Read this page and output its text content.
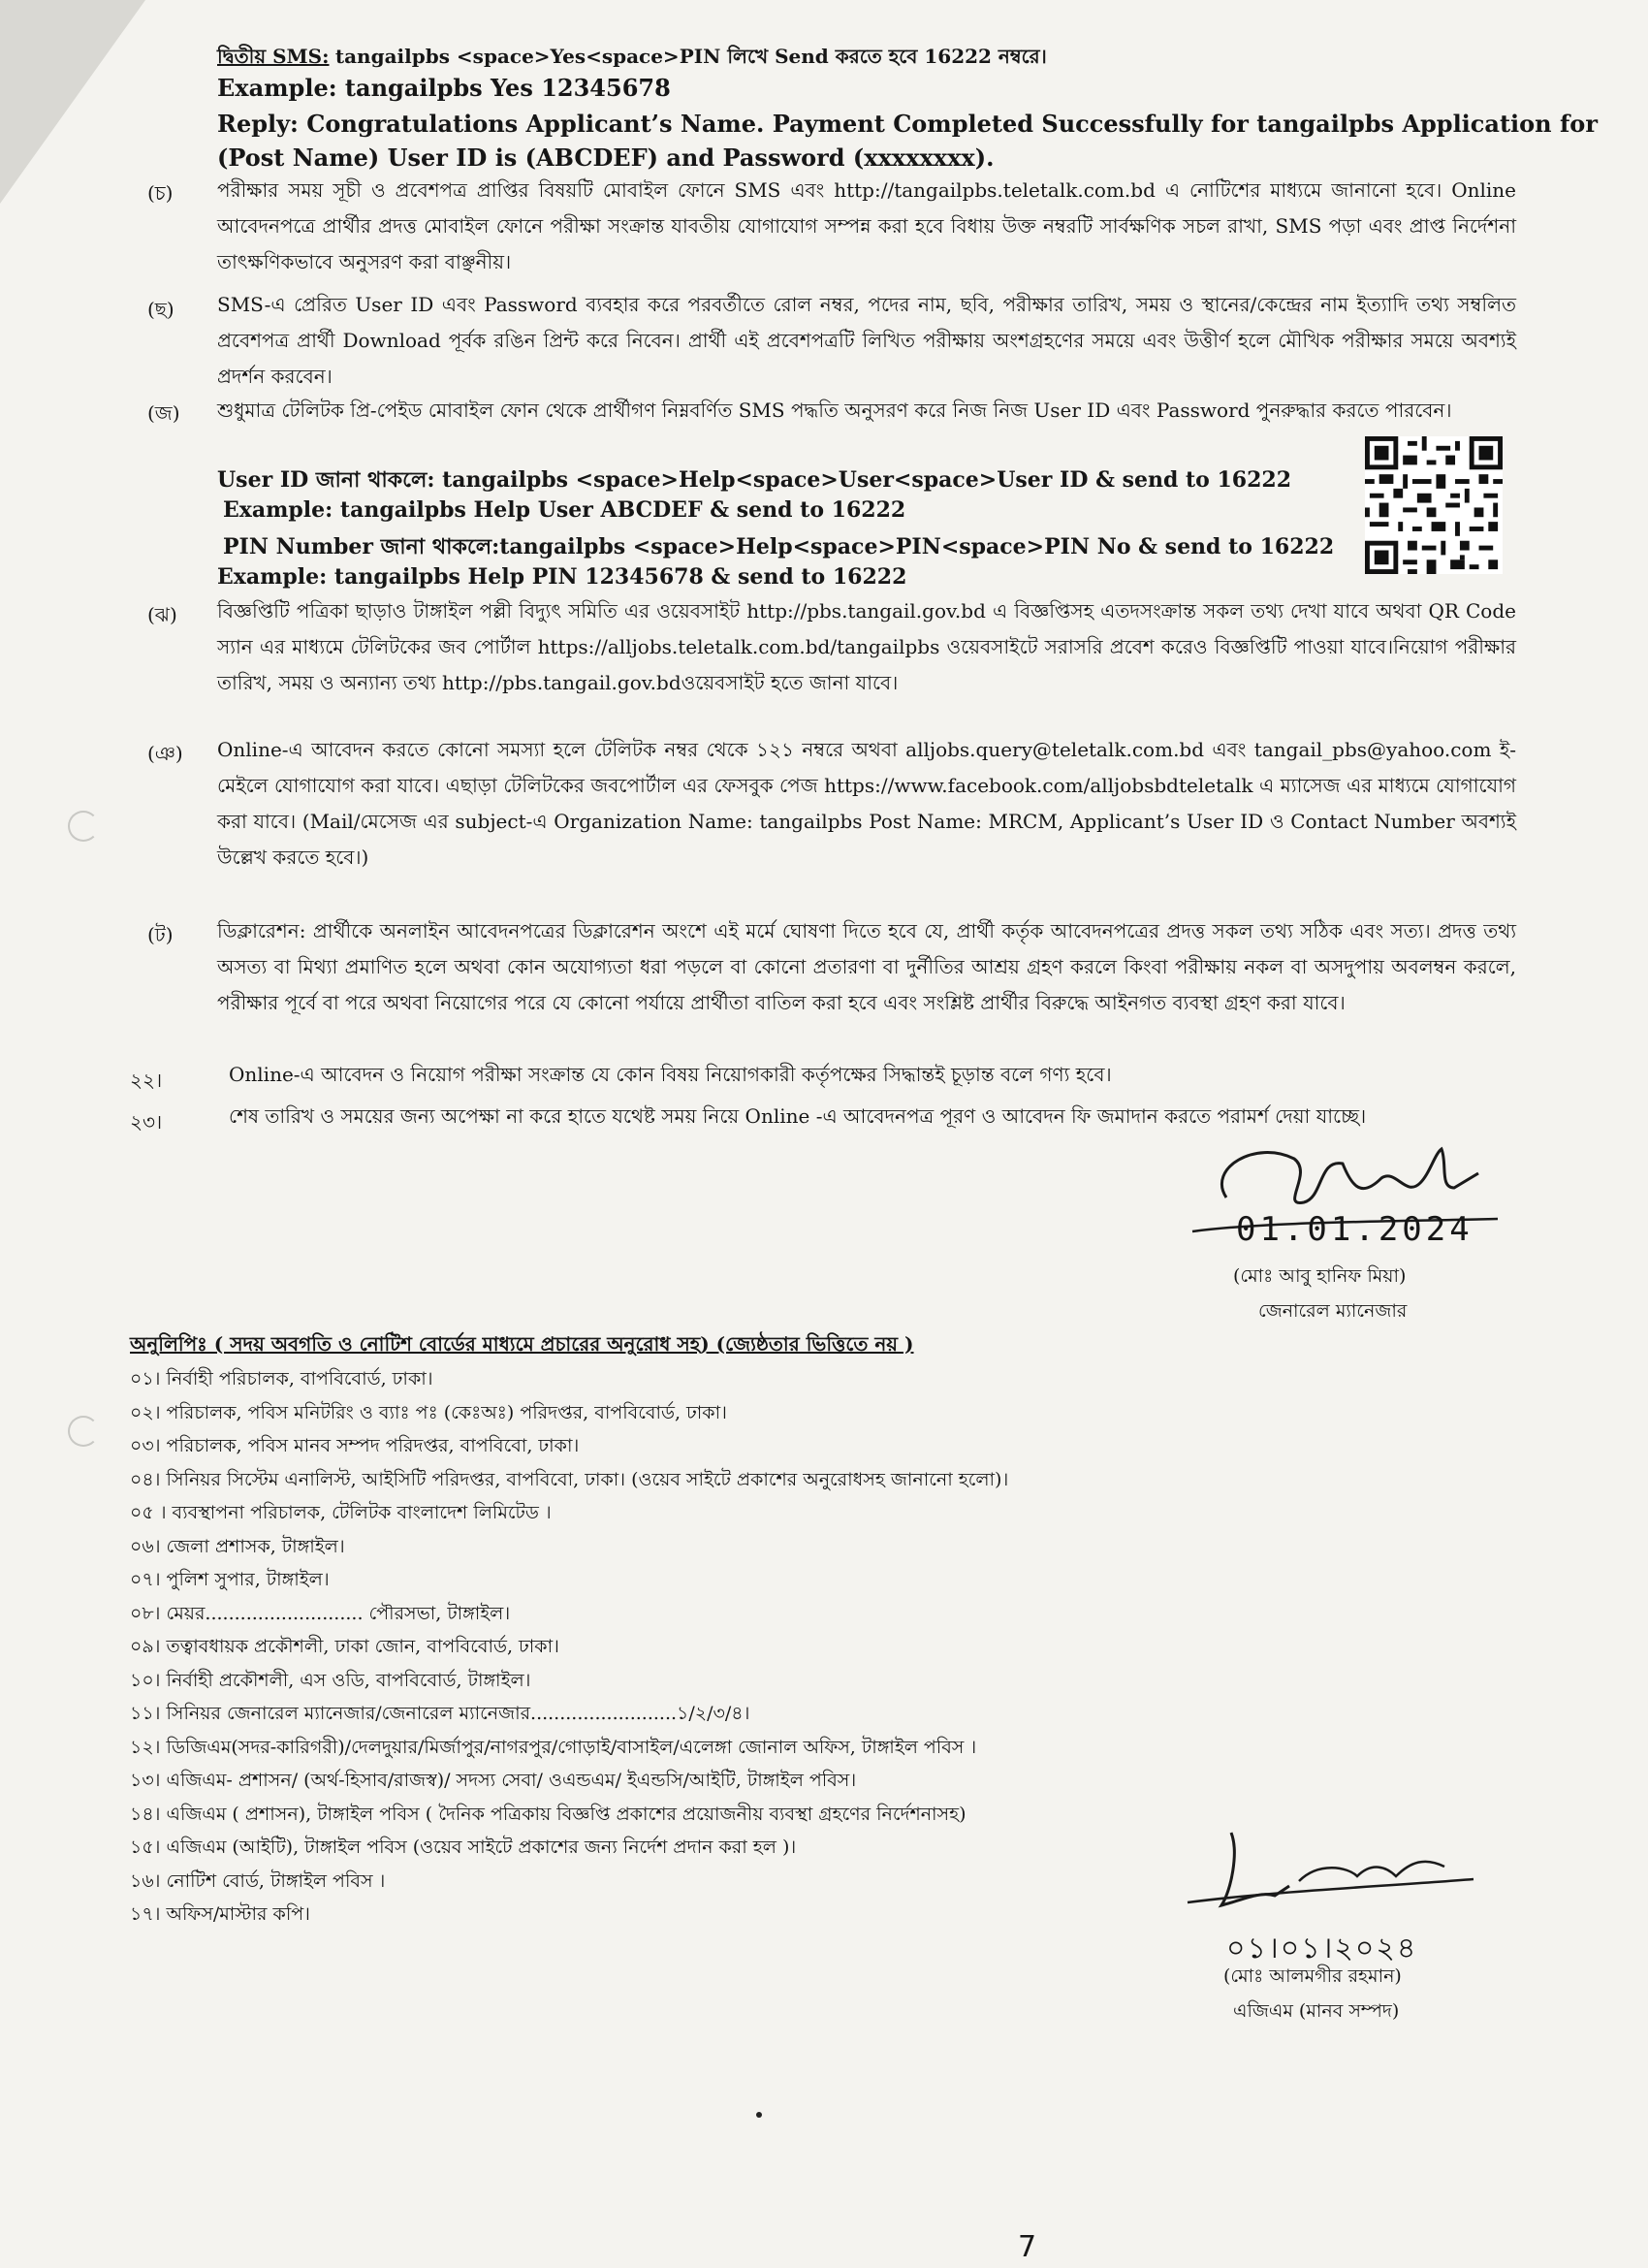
দ্বিতীয় SMS: tangailpbs <space>Yes<space>PIN লিখে Send করতে হবে 16222 নম্বরে।
Example: tangailpbs Yes 12345678
Reply: Congratulations Applicant’s Name. Payment Completed Successfully for tangailpbs Application for
(Post Name) User ID is (ABCDEF) and Password (xxxxxxxx).
(চ) পরীক্ষার সময় সূচী ও প্রবেশপত্র প্রাপ্তির বিষয়টি মোবাইল ফোনে SMS এবং http://tangailpbs.teletalk.com.bd এ নোটিশের মাধ্যমে জানানো হবে। Online আবেদনপত্রে প্রার্থীর প্রদত্ত মোবাইল ফোনে পরীক্ষা সংক্রান্ত যাবতীয় যোগাযোগ সম্পন্ন করা হবে বিধায় উক্ত নম্বরটি সার্বক্ষণিক সচল রাখা, SMS পড়া এবং প্রাপ্ত নির্দেশনা তাৎক্ষণিকভাবে অনুসরণ করা বাঞ্ছনীয়।
(ছ) SMS-এ প্রেরিত User ID এবং Password ব্যবহার করে পরবর্তীতে রোল নম্বর, পদের নাম, ছবি, পরীক্ষার তারিখ, সময় ও স্থানের/কেন্দ্রের নাম ইত্যাদি তথ্য সম্বলিত প্রবেশপত্র প্রার্থী Download পূর্বক রঙিন প্রিন্ট করে নিবেন। প্রার্থী এই প্রবেশপত্রটি লিখিত পরীক্ষায় অংশগ্রহণের সময়ে এবং উত্তীর্ণ হলে মৌখিক পরীক্ষার সময়ে অবশ্যই প্রদর্শন করবেন।
(জ) শুধুমাত্র টেলিটক প্রি-পেইড মোবাইল ফোন থেকে প্রার্থীগণ নিম্নবর্ণিত SMS পদ্ধতি অনুসরণ করে নিজ নিজ User ID এবং Password পুনরুদ্ধার করতে পারবেন।
User ID জানা থাকলে: tangailpbs <space>Help<space>User<space>User ID & send to 16222
Example: tangailpbs Help User ABCDEF & send to 16222
PIN Number জানা থাকলে:tangailpbs <space>Help<space>PIN<space>PIN No & send to 16222
Example: tangailpbs Help PIN 12345678 & send to 16222
(ঝ) বিজ্ঞপ্তিটি পত্রিকা ছাড়াও টাঙ্গাইল পল্লী বিদ্যুৎ সমিতি এর ওয়েবসাইট http://pbs.tangail.gov.bd এ বিজ্ঞপ্তিসহ এতদসংক্রান্ত সকল তথ্য দেখা যাবে অথবা QR Code স্যান এর মাধ্যমে টেলিটকের জব পোর্টাল https://alljobs.teletalk.com.bd/tangailpbs ওয়েবসাইটে সরাসরি প্রবেশ করেও বিজ্ঞপ্তিটি পাওয়া যাবে।নিয়োগ পরীক্ষার তারিখ, সময় ও অন্যান্য তথ্য http://pbs.tangail.gov.bdওয়েবসাইট হতে জানা যাবে।
(ঞ) Online-এ আবেদন করতে কোনো সমস্যা হলে টেলিটক নম্বর থেকে ১২১ নম্বরে অথবা alljobs.query@teletalk.com.bd এবং tangail_pbs@yahoo.com ই-মেইলে যোগাযোগ করা যাবে। এছাড়া টেলিটকের জবপোর্টাল এর ফেসবুক পেজ https://www.facebook.com/alljobsbdteletalk এ ম্যাসেজ এর মাধ্যমে যোগাযোগ করা যাবে। (Mail/মেসেজ এর subject-এ Organization Name: tangailpbs Post Name: MRCM, Applicant’s User ID ও Contact Number অবশ্যই উল্লেখ করতে হবে।)
(ট) ডিক্লারেশন: প্রার্থীকে অনলাইন আবেদনপত্রের ডিক্লারেশন অংশে এই মর্মে ঘোষণা দিতে হবে যে, প্রার্থী কর্তৃক আবেদনপত্রের প্রদত্ত সকল তথ্য সঠিক এবং সত্য। প্রদত্ত তথ্য অসত্য বা মিথ্যা প্রমাণিত হলে অথবা কোন অযোগ্যতা ধরা পড়লে বা কোনো প্রতারণা বা দুর্নীতির আশ্রয় গ্রহণ করলে কিংবা পরীক্ষায় নকল বা অসদুপায় অবলম্বন করলে, পরীক্ষার পূর্বে বা পরে অথবা নিয়োগের পরে যে কোনো পর্যায়ে প্রার্থীতা বাতিল করা হবে এবং সংশ্লিষ্ট প্রার্থীর বিরুদ্ধে আইনগত ব্যবস্থা গ্রহণ করা যাবে।
২২।	Online-এ আবেদন ও নিয়োগ পরীক্ষা সংক্রান্ত যে কোন বিষয় নিয়োগকারী কর্তৃপক্ষের সিদ্ধান্তই চূড়ান্ত বলে গণ্য হবে।
২৩।	শেষ তারিখ ও সময়ের জন্য অপেক্ষা না করে হাতে যথেষ্ট সময় নিয়ে Online -এ আবেদনপত্র পূরণ ও আবেদন ফি জমাদান করতে পরামর্শ দেয়া যাচ্ছে।
01.01.2024
(মোঃ আবু হানিফ মিয়া)
জেনারেল ম্যানেজার
অনুলিপিঃ ( সদয় অবগতি ও নোটিশ বোর্ডের মাধ্যমে প্রচারের অনুরোধ সহ) (জ্যেষ্ঠতার ভিত্তিতে নয় )
০১। নির্বাহী পরিচালক, বাপবিবোর্ড, ঢাকা।
০২। পরিচালক, পবিস মনিটরিং ও ব্যাঃ পঃ (কেঃঅঃ) পরিদপ্তর, বাপবিবোর্ড, ঢাকা।
০৩। পরিচালক, পবিস মানব সম্পদ পরিদপ্তর, বাপবিবো, ঢাকা।
০৪। সিনিয়র সিস্টেম এনালিস্ট, আইসিটি পরিদপ্তর, বাপবিবো, ঢাকা। (ওয়েব সাইটে প্রকাশের অনুরোধসহ জানানো হলো)।
০৫ । ব্যবস্থাপনা পরিচালক, টেলিটক বাংলাদেশ লিমিটেড ।
০৬। জেলা প্রশাসক, টাঙ্গাইল।
০৭। পুলিশ সুপার, টাঙ্গাইল।
০৮। মেয়র........................... পৌরসভা, টাঙ্গাইল।
০৯। তত্বাবধায়ক প্রকৌশলী, ঢাকা জোন, বাপবিবোর্ড, ঢাকা।
১০। নির্বাহী প্রকৌশলী, এস ওডি, বাপবিবোর্ড, টাঙ্গাইল।
১১। সিনিয়র জেনারেল ম্যানেজার/জেনারেল ম্যানেজার.........................১/২/৩/৪।
১২। ডিজিএম(সদর-কারিগরী)/দেলদুয়ার/মির্জাপুর/নাগরপুর/গোড়াই/বাসাইল/এলেঙ্গা জোনাল অফিস, টাঙ্গাইল পবিস ।
১৩। এজিএম- প্রশাসন/ (অর্থ-হিসাব/রাজস্ব)/ সদস্য সেবা/ ওএন্ডএম/ ইএন্ডসি/আইটি, টাঙ্গাইল পবিস।
১৪। এজিএম ( প্রশাসন), টাঙ্গাইল পবিস ( দৈনিক পত্রিকায় বিজ্ঞপ্তি প্রকাশের প্রয়োজনীয় ব্যবস্থা গ্রহণের নির্দেশনাসহ)
১৫। এজিএম (আইটি), টাঙ্গাইল পবিস (ওয়েব সাইটে প্রকাশের জন্য নির্দেশ প্রদান করা হল )।
১৬। নোটিশ বোর্ড, টাঙ্গাইল পবিস ।
১৭। অফিস/মাস্টার কপি।
০১।০১।২০২৪
(মোঃ আলমগীর রহমান)
এজিএম (মানব সম্পদ)
7
